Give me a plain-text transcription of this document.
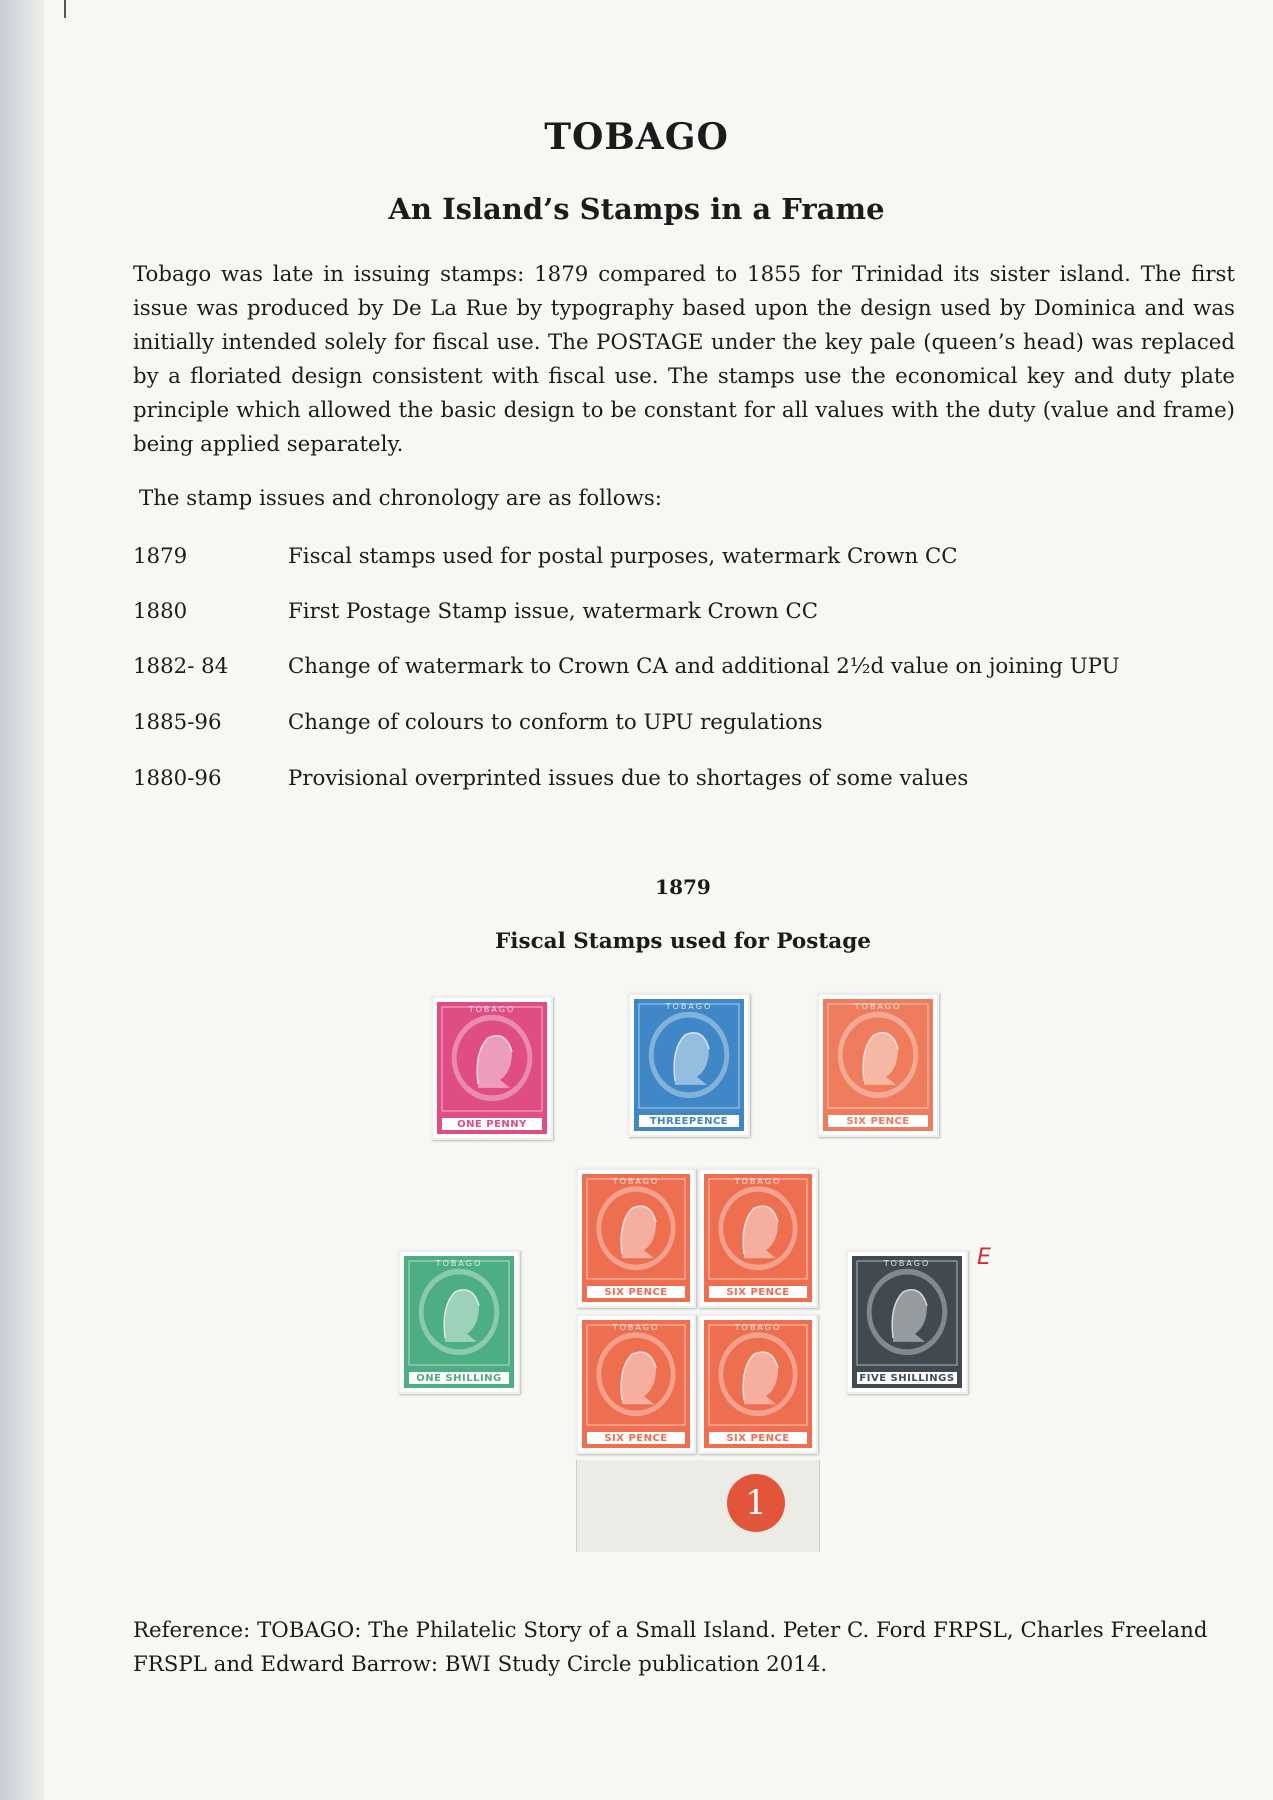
TOBAGO
An Island’s Stamps in a Frame

Tobago was late in issuing stamps: 1879 compared to 1855 for Trinidad its sister island. The first issue was produced by De La Rue by typography based upon the design used by Dominica and was initially intended solely for fiscal use. The POSTAGE under the key pale (queen’s head) was replaced by a floriated design consistent with fiscal use. The stamps use the economical key and duty plate principle which allowed the basic design to be constant for all values with the duty (value and frame) being applied separately.

The stamp issues and chronology are as follows:

1879	Fiscal stamps used for postal purposes, watermark Crown CC
1880	First Postage Stamp issue, watermark Crown CC
1882- 84	Change of watermark to Crown CA and additional 2½d value on joining UPU
1885-96	Change of colours to conform to UPU regulations
1880-96	Provisional overprinted issues due to shortages of some values
1879
Fiscal Stamps used for Postage
TOBAGO
ONE PENNY
TOBAGO
THREEPENCE
TOBAGO
SIX PENCE
TOBAGO
ONE SHILLING
TOBAGO
SIX PENCE
TOBAGO
SIX PENCE
TOBAGO
SIX PENCE
TOBAGO
SIX PENCE
TOBAGO
FIVE SHILLINGS
1
E

Reference: TOBAGO: The Philatelic Story of a Small Island. Peter C. Ford FRPSL, Charles Freeland FRSPL and Edward Barrow: BWI Study Circle publication 2014.
